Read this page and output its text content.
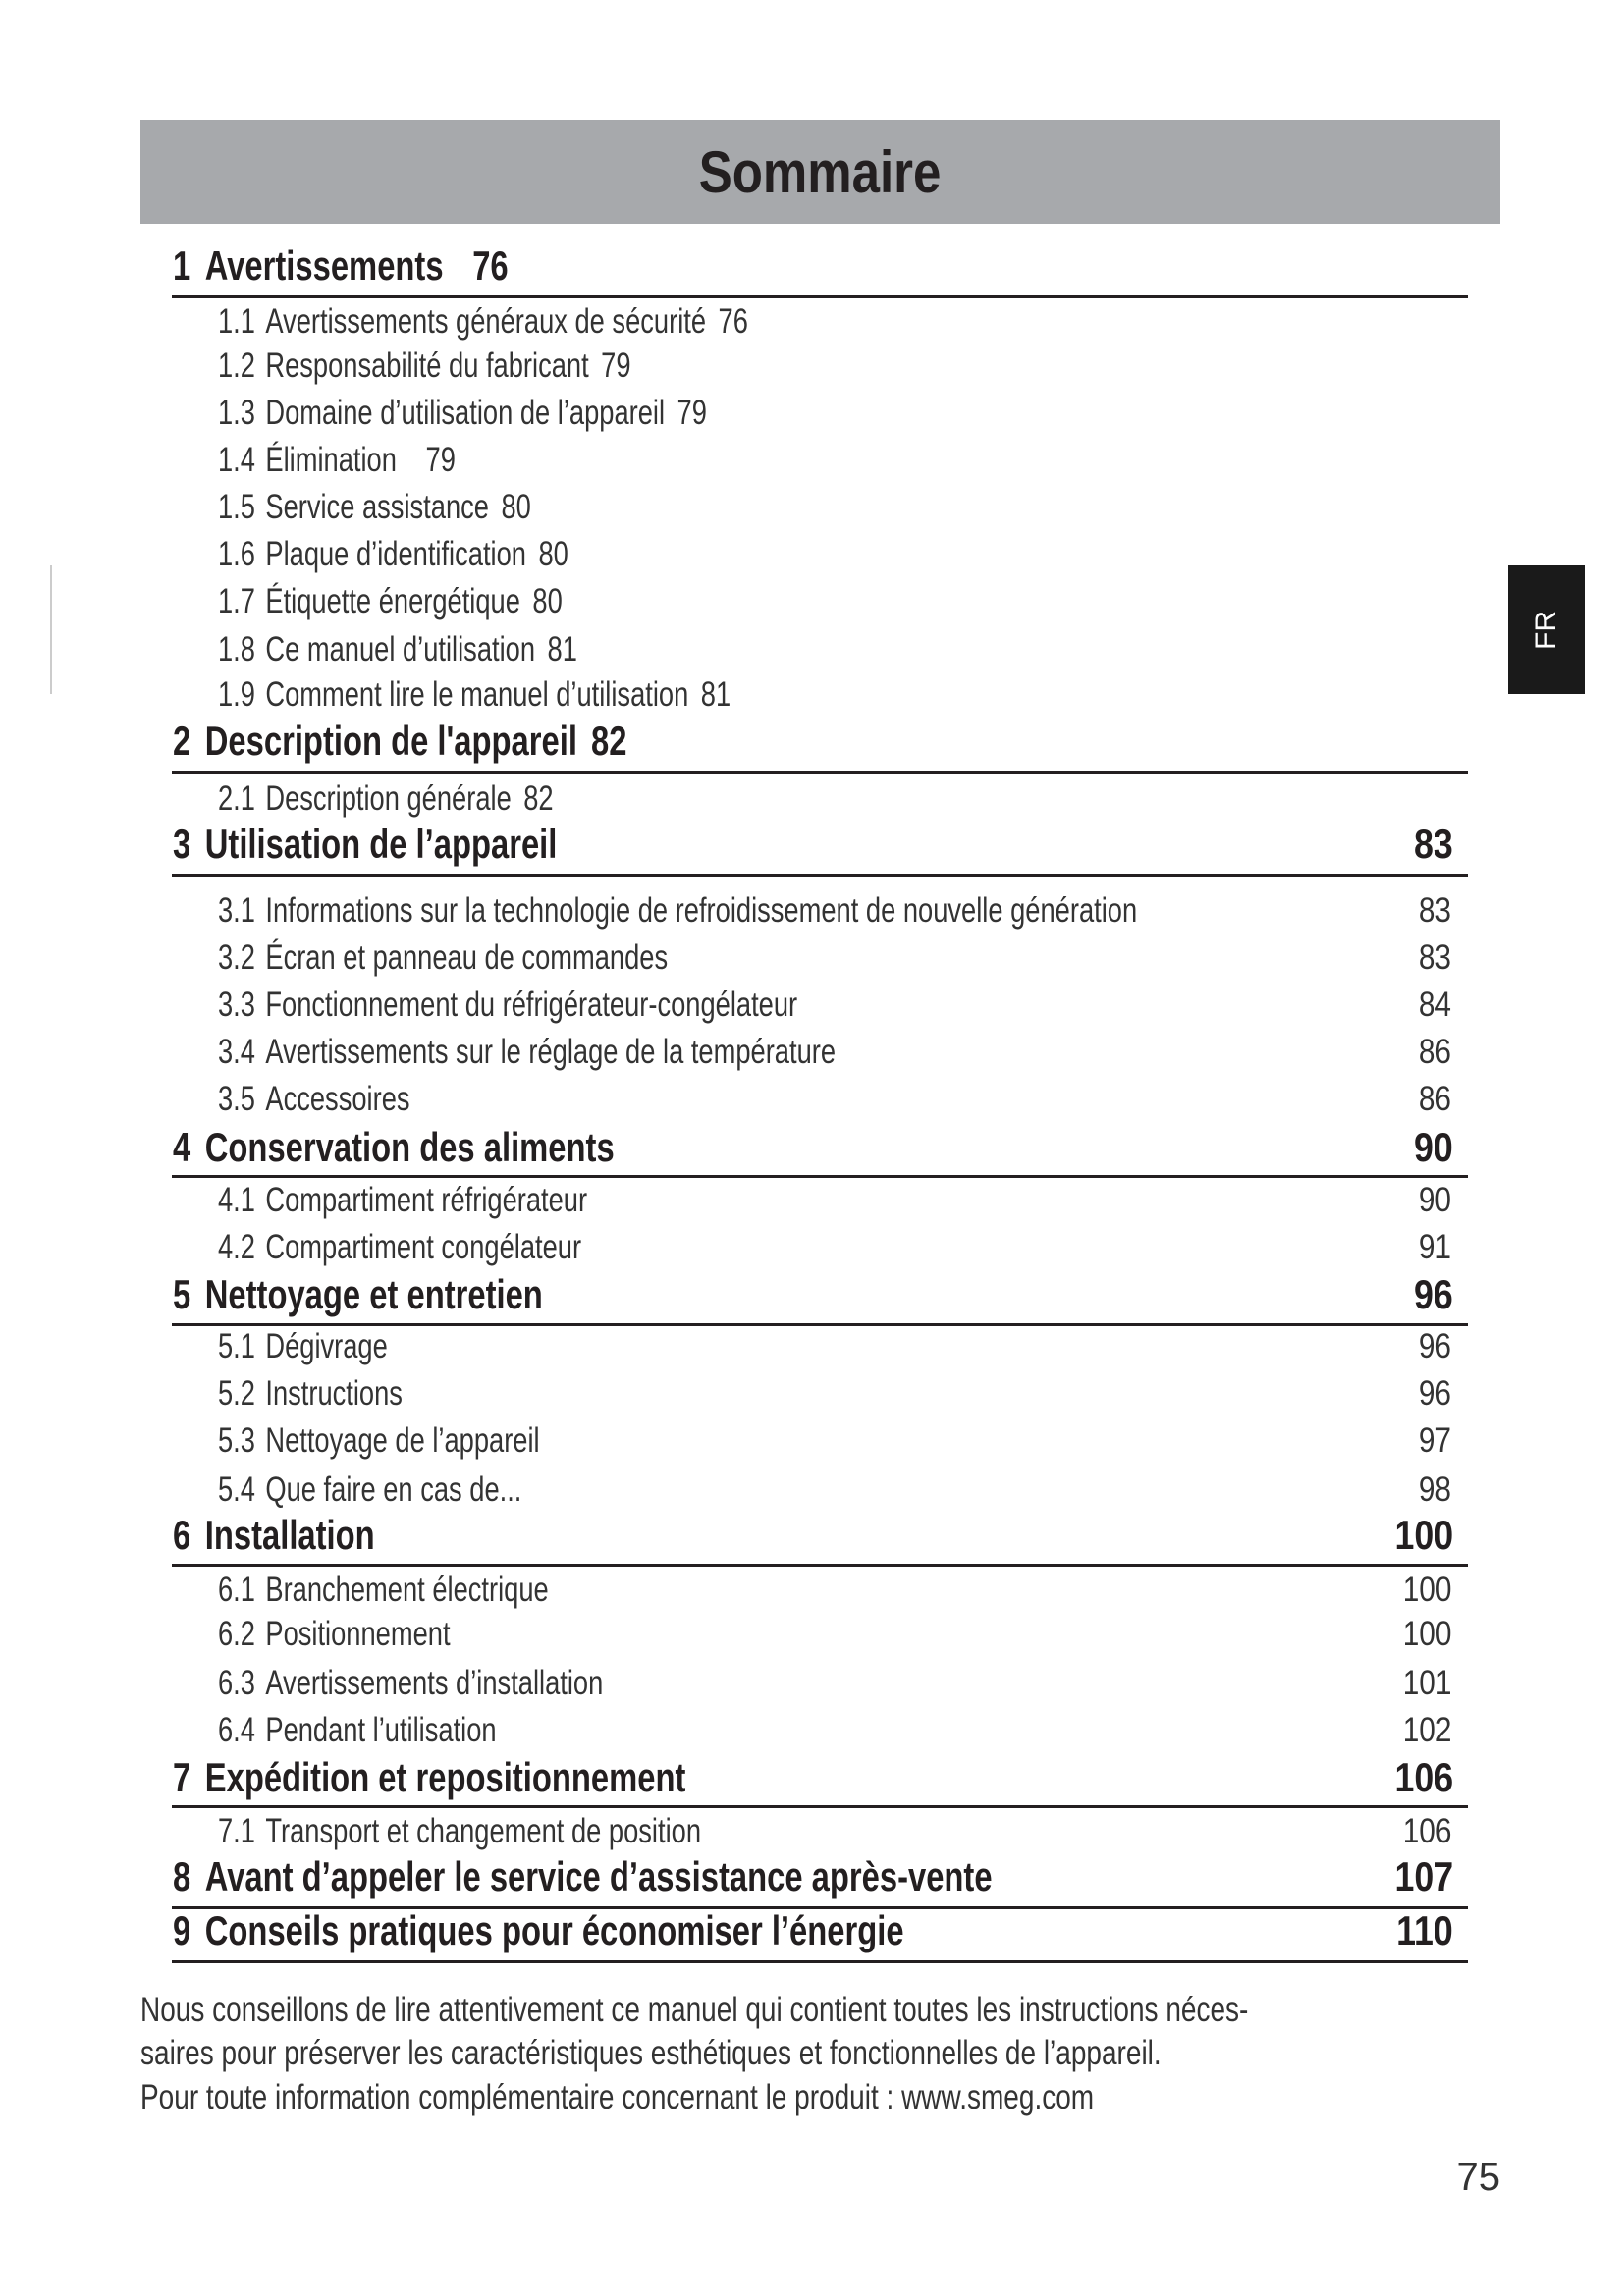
Sommaire
FR
1 Avertissements 76
1.1 Avertissements généraux de sécurité 76
1.2 Responsabilité du fabricant 79
1.3 Domaine d’utilisation de l’appareil 79
1.4 Élimination 79
1.5 Service assistance 80
1.6 Plaque d’identification 80
1.7 Étiquette énergétique 80
1.8 Ce manuel d’utilisation 81
1.9 Comment lire le manuel d’utilisation 81
2 Description de l'appareil 82
2.1 Description générale 82
3 Utilisation de l’appareil	83
3.1 Informations sur la technologie de refroidissement de nouvelle génération	83
3.2 Écran et panneau de commandes	83
3.3 Fonctionnement du réfrigérateur-congélateur	84
3.4 Avertissements sur le réglage de la température	86
3.5 Accessoires	86
4 Conservation des aliments	90
4.1 Compartiment réfrigérateur	90
4.2 Compartiment congélateur	91
5 Nettoyage et entretien	96
5.1 Dégivrage	96
5.2 Instructions	96
5.3 Nettoyage de l’appareil	97
5.4 Que faire en cas de...	98
6 Installation	100
6.1 Branchement électrique	100
6.2 Positionnement	100
6.3 Avertissements d’installation	101
6.4 Pendant l’utilisation	102
7 Expédition et repositionnement	106
7.1 Transport et changement de position	106
8 Avant d’appeler le service d’assistance après-vente	107
9 Conseils pratiques pour économiser l’énergie	110
Nous conseillons de lire attentivement ce manuel qui contient toutes les instructions néces-
saires pour préserver les caractéristiques esthétiques et fonctionnelles de l’appareil.
Pour toute information complémentaire concernant le produit : www.smeg.com
75
